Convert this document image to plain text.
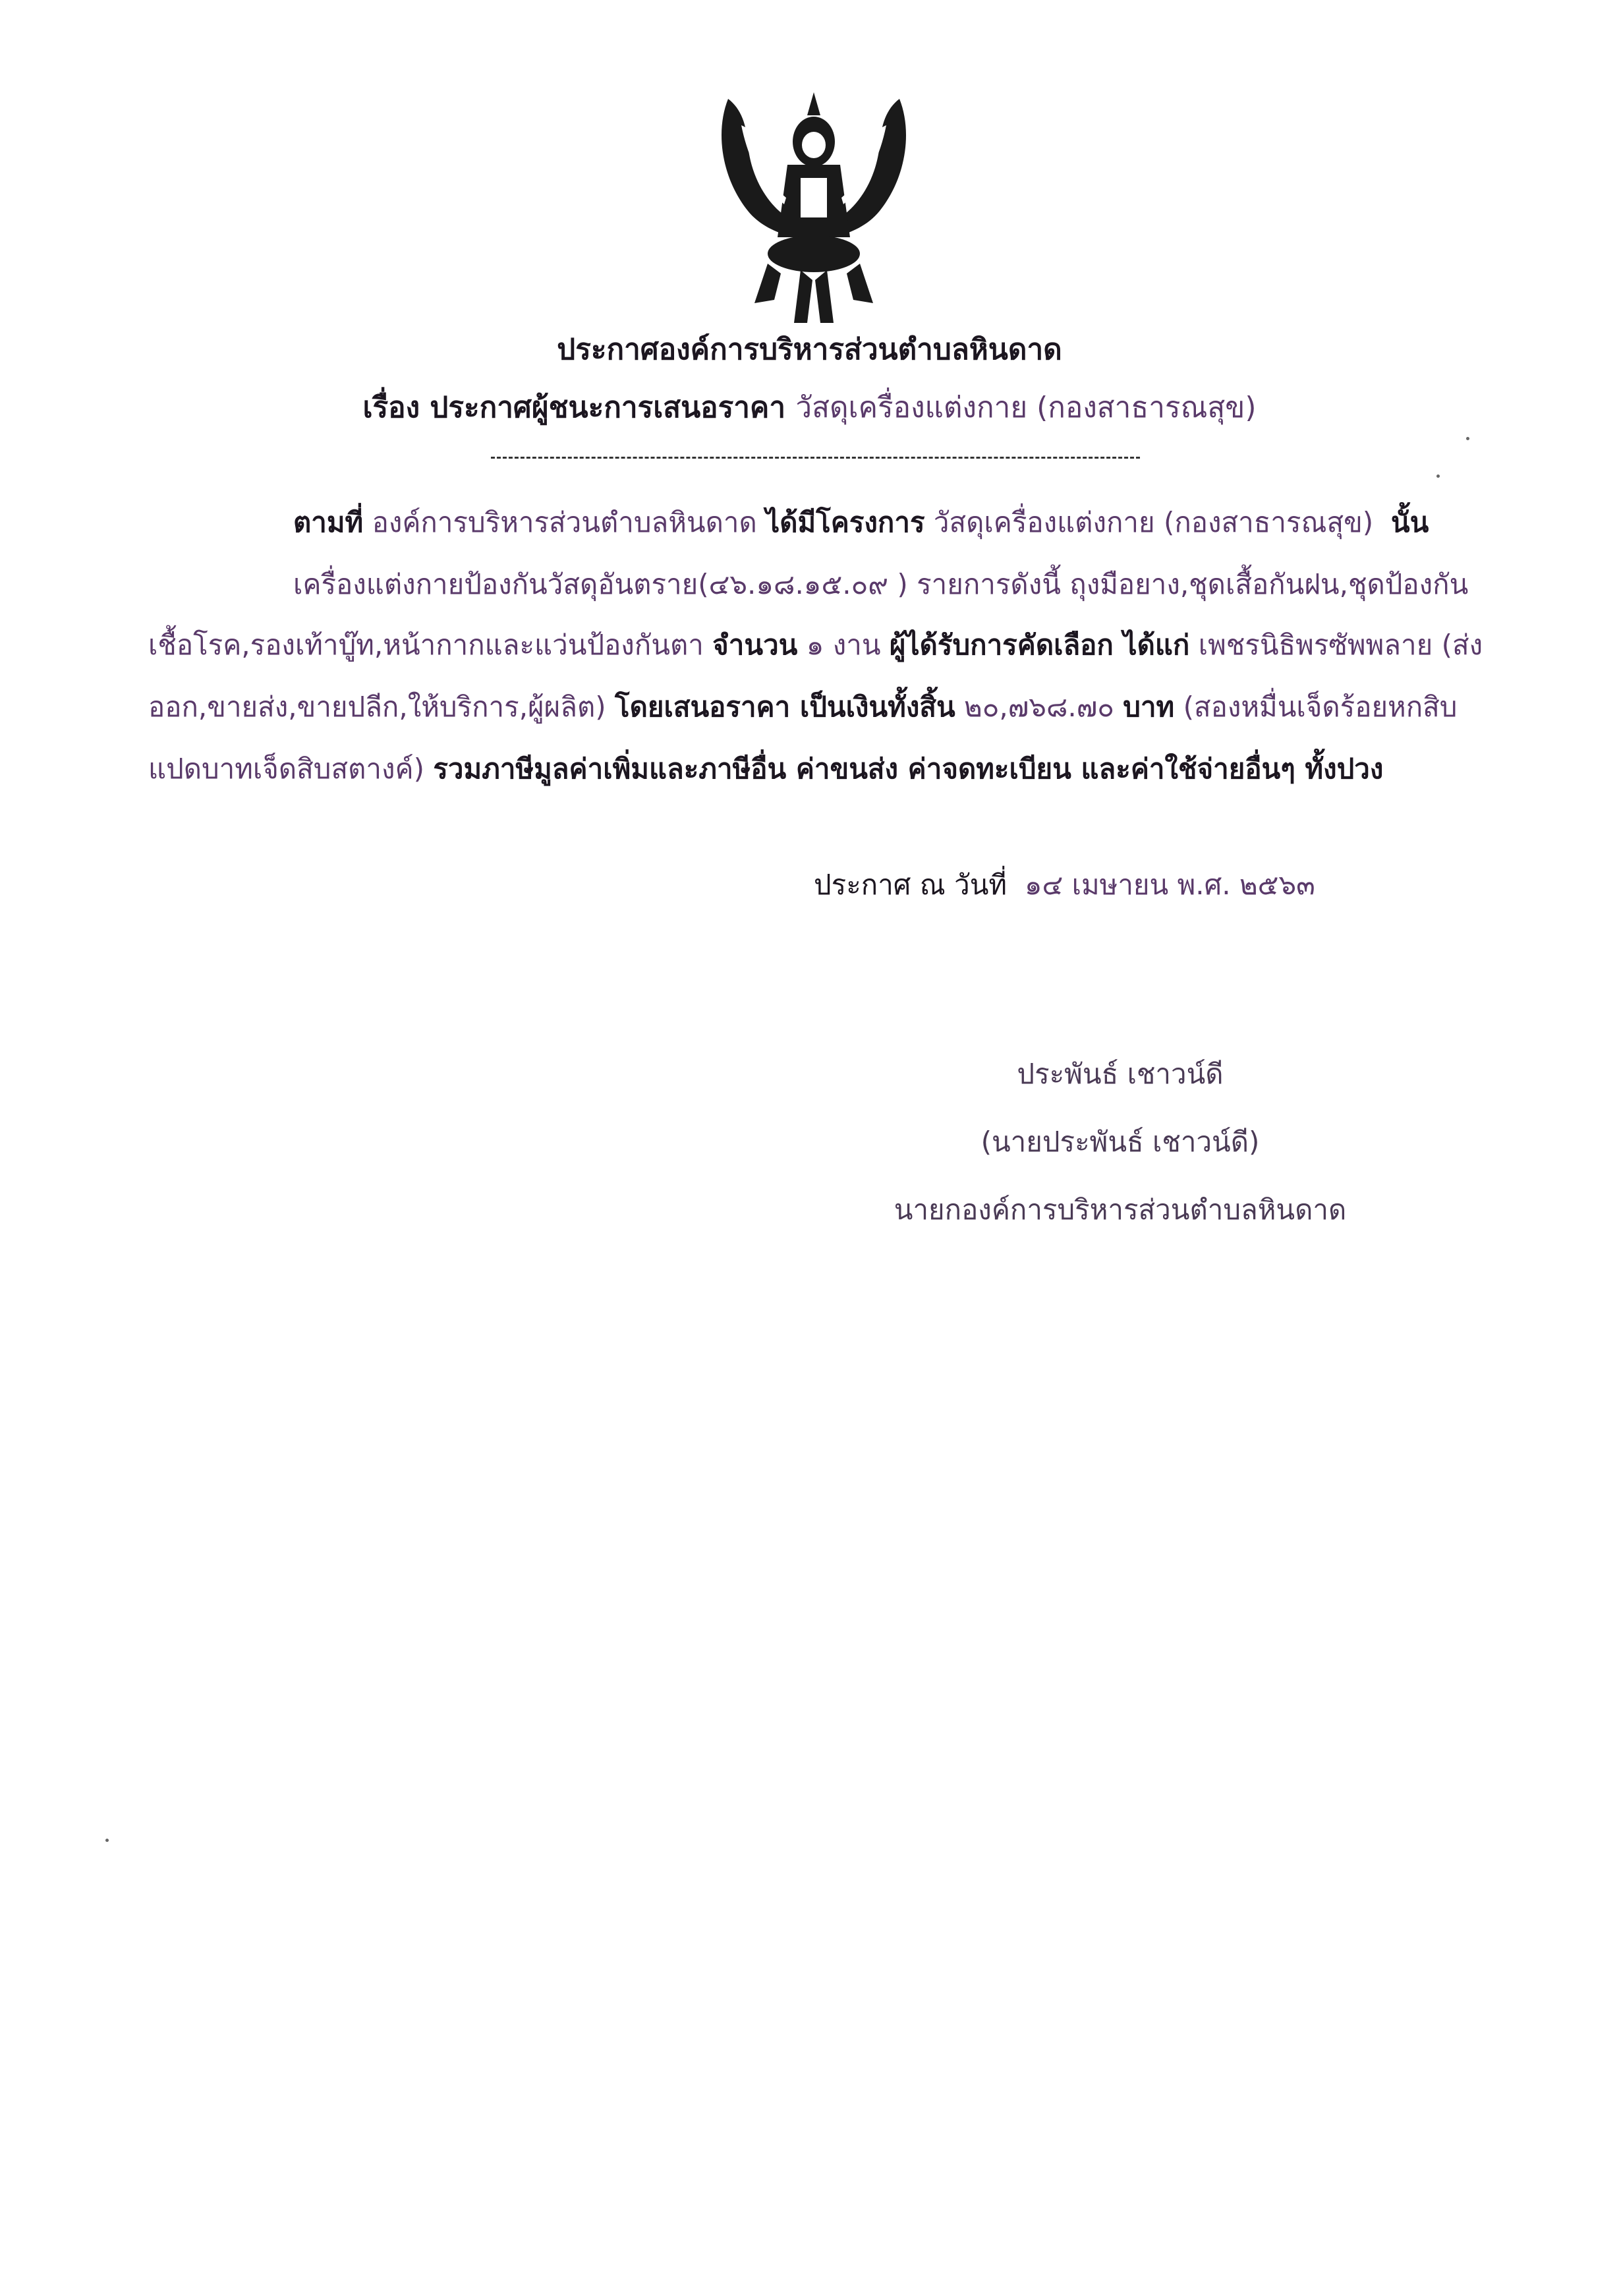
ประกาศองค์การบริหารส่วนตำบลหินดาด
เรื่อง ประกาศผู้ชนะการเสนอราคา วัสดุเครื่องแต่งกาย (กองสาธารณสุข)
ตามที่ องค์การบริหารส่วนตำบลหินดาด ได้มีโครงการ วัสดุเครื่องแต่งกาย (กองสาธารณสุข) นั้น
เครื่องแต่งกายป้องกันวัสดุอันตราย(๔๖.๑๘.๑๕.๐๙ ) รายการดังนี้ ถุงมือยาง,ชุดเสื้อกันฝน,ชุดป้องกัน
เชื้อโรค,รองเท้าบู๊ท,หน้ากากและแว่นป้องกันตา จำนวน ๑ งาน ผู้ได้รับการคัดเลือก ได้แก่ เพชรนิธิพรซัพพลาย (ส่ง
ออก,ขายส่ง,ขายปลีก,ให้บริการ,ผู้ผลิต) โดยเสนอราคา เป็นเงินทั้งสิ้น ๒๐,๗๖๘.๗๐ บาท (สองหมื่นเจ็ดร้อยหกสิบ
แปดบาทเจ็ดสิบสตางค์) รวมภาษีมูลค่าเพิ่มและภาษีอื่น ค่าขนส่ง ค่าจดทะเบียน และค่าใช้จ่ายอื่นๆ ทั้งปวง
ประกาศ ณ วันที่ ๑๔ เมษายน พ.ศ. ๒๕๖๓
ประพันธ์ เชาวน์ดี
(นายประพันธ์ เชาวน์ดี)
นายกองค์การบริหารส่วนตำบลหินดาด
